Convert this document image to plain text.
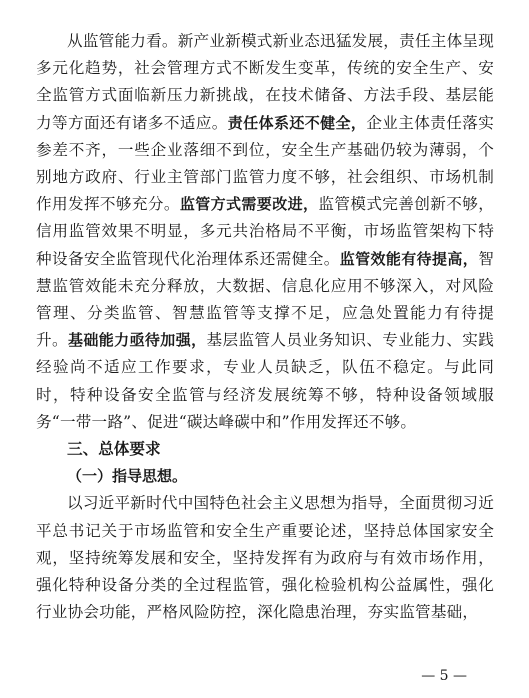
从监管能力看。新产业新模式新业态迅猛发展，责任主体呈现多元化趋势，社会管理方式不断发生变革，传统的安全生产、安全监管方式面临新压力新挑战，在技术储备、方法手段、基层能力等方面还有诸多不适应。责任体系还不健全，企业主体责任落实参差不齐，一些企业落细不到位，安全生产基础仍较为薄弱，个别地方政府、行业主管部门监管力度不够，社会组织、市场机制作用发挥不够充分。监管方式需要改进，监管模式完善创新不够，信用监管效果不明显，多元共治格局不平衡，市场监管架构下特种设备安全监管现代化治理体系还需健全。监管效能有待提高，智慧监管效能未充分释放，大数据、信息化应用不够深入，对风险管理、分类监管、智慧监管等支撑不足，应急处置能力有待提升。基础能力亟待加强，基层监管人员业务知识、专业能力、实践经验尚不适应工作要求，专业人员缺乏，队伍不稳定。与此同时，特种设备安全监管与经济发展统筹不够，特种设备领域服务“一带一路”、促进“碳达峰碳中和”作用发挥还不够。

三、总体要求

（一）指导思想。

以习近平新时代中国特色社会主义思想为指导，全面贯彻习近平总书记关于市场监管和安全生产重要论述，坚持总体国家安全观，坚持统筹发展和安全，坚持发挥有为政府与有效市场作用，强化特种设备分类的全过程监管，强化检验机构公益属性，强化行业协会功能，严格风险防控，深化隐患治理，夯实监管基础，

— 5 —
